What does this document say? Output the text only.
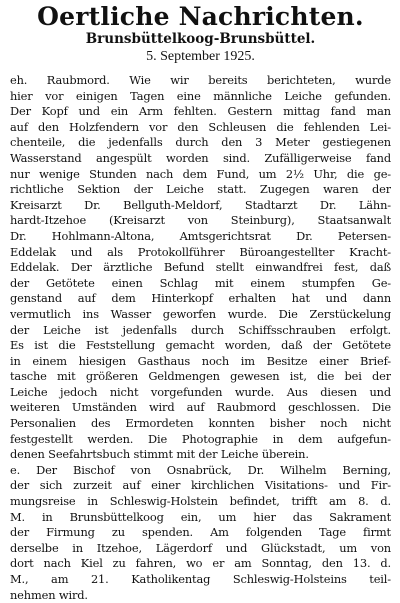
Oertliche Nachrichten.
Brunsbüttelkoog-Brunsbüttel.
5. September 1925.
eh. Raubmord. Wie wir bereits berichteten, wurde
hier vor einigen Tagen eine männliche Leiche gefunden.
Der Kopf und ein Arm fehlten. Gestern mittag fand man
auf den Holzfendern vor den Schleusen die fehlenden Lei-
chenteile, die jedenfalls durch den 3 Meter gestiegenen
Wasserstand angespült worden sind. Zufälligerweise fand
nur wenige Stunden nach dem Fund, um 2½ Uhr, die ge-
richtliche Sektion der Leiche statt. Zugegen waren der
Kreisarzt Dr. Bellguth-Meldorf, Stadtarzt Dr. Lähn-
hardt-Itzehoe (Kreisarzt von Steinburg), Staatsanwalt
Dr. Hohlmann-Altona, Amtsgerichtsrat Dr. Petersen-
Eddelak und als Protokollführer Büroangestellter Kracht-
Eddelak. Der ärztliche Befund stellt einwandfrei fest, daß
der Getötete einen Schlag mit einem stumpfen Ge-
genstand auf dem Hinterkopf erhalten hat und dann
vermutlich ins Wasser geworfen wurde. Die Zerstückelung
der Leiche ist jedenfalls durch Schiffsschrauben erfolgt.
Es ist die Feststellung gemacht worden, daß der Getötete
in einem hiesigen Gasthaus noch im Besitze einer Brief-
tasche mit größeren Geldmengen gewesen ist, die bei der
Leiche jedoch nicht vorgefunden wurde. Aus diesen und
weiteren Umständen wird auf Raubmord geschlossen. Die
Personalien des Ermordeten konnten bisher noch nicht
festgestellt werden. Die Photographie in dem aufgefun-
denen Seefahrtsbuch stimmt mit der Leiche überein.
e. Der Bischof von Osnabrück, Dr. Wilhelm Berning,
der sich zurzeit auf einer kirchlichen Visitations- und Fir-
mungsreise in Schleswig-Holstein befindet, trifft am 8. d.
M. in Brunsbüttelkoog ein, um hier das Sakrament
der Firmung zu spenden. Am folgenden Tage firmt
derselbe in Itzehoe, Lägerdorf und Glückstadt, um von
dort nach Kiel zu fahren, wo er am Sonntag, den 13. d.
M., am 21. Katholikentag Schleswig-Holsteins teil-
nehmen wird.
